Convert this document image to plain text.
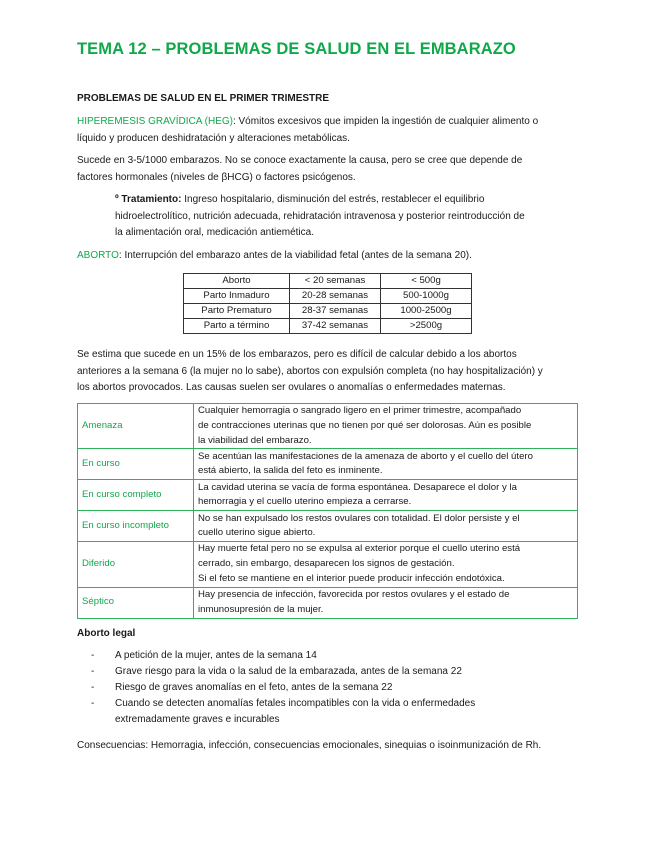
TEMA 12 – PROBLEMAS DE SALUD EN EL EMBARAZO
PROBLEMAS DE SALUD EN EL PRIMER TRIMESTRE
HIPEREMESIS GRAVÍDICA (HEG): Vómitos excesivos que impiden la ingestión de cualquier alimento o
líquido y producen deshidratación y alteraciones metabólicas.
Sucede en 3-5/1000 embarazos. No se conoce exactamente la causa, pero se cree que depende de
factores hormonales (niveles de βHCG) o factores psicógenos.
º Tratamiento: Ingreso hospitalario, disminución del estrés, restablecer el equilibrio
hidroelectrolítico, nutrición adecuada, rehidratación intravenosa y posterior reintroducción de
la alimentación oral, medicación antiemética.
ABORTO: Interrupción del embarazo antes de la viabilidad fetal (antes de la semana 20).
Aborto	< 20 semanas	< 500g
Parto Inmaduro	20-28 semanas	500-1000g
Parto Prematuro	28-37 semanas	1000-2500g
Parto a término	37-42 semanas	>2500g
Se estima que sucede en un 15% de los embarazos, pero es difícil de calcular debido a los abortos
anteriores a la semana 6 (la mujer no lo sabe), abortos con expulsión completa (no hay hospitalización) y
los abortos provocados. Las causas suelen ser ovulares o anomalías o enfermedades maternas.
Amenaza	Cualquier hemorragia o sangrado ligero en el primer trimestre, acompañado
de contracciones uterinas que no tienen por qué ser dolorosas. Aún es posible
la viabilidad del embarazo.

En curso	Se acentúan las manifestaciones de la amenaza de aborto y el cuello del útero
está abierto, la salida del feto es inminente.

En curso completo	La cavidad uterina se vacía de forma espontánea. Desaparece el dolor y la
hemorragia y el cuello uterino empieza a cerrarse.

En curso incompleto	No se han expulsado los restos ovulares con totalidad. El dolor persiste y el
cuello uterino sigue abierto.

Diferido	Hay muerte fetal pero no se expulsa al exterior porque el cuello uterino está
cerrado, sin embargo, desaparecen los signos de gestación.
Si el feto se mantiene en el interior puede producir infección endotóxica.

Séptico	Hay presencia de infección, favorecida por restos ovulares y el estado de
inmunosupresión de la mujer.
Aborto legal
- A petición de la mujer, antes de la semana 14
- Grave riesgo para la vida o la salud de la embarazada, antes de la semana 22
- Riesgo de graves anomalías en el feto, antes de la semana 22
- Cuando se detecten anomalías fetales incompatibles con la vida o enfermedades
extremadamente graves e incurables
Consecuencias: Hemorragia, infección, consecuencias emocionales, sinequias o isoinmunización de Rh.
